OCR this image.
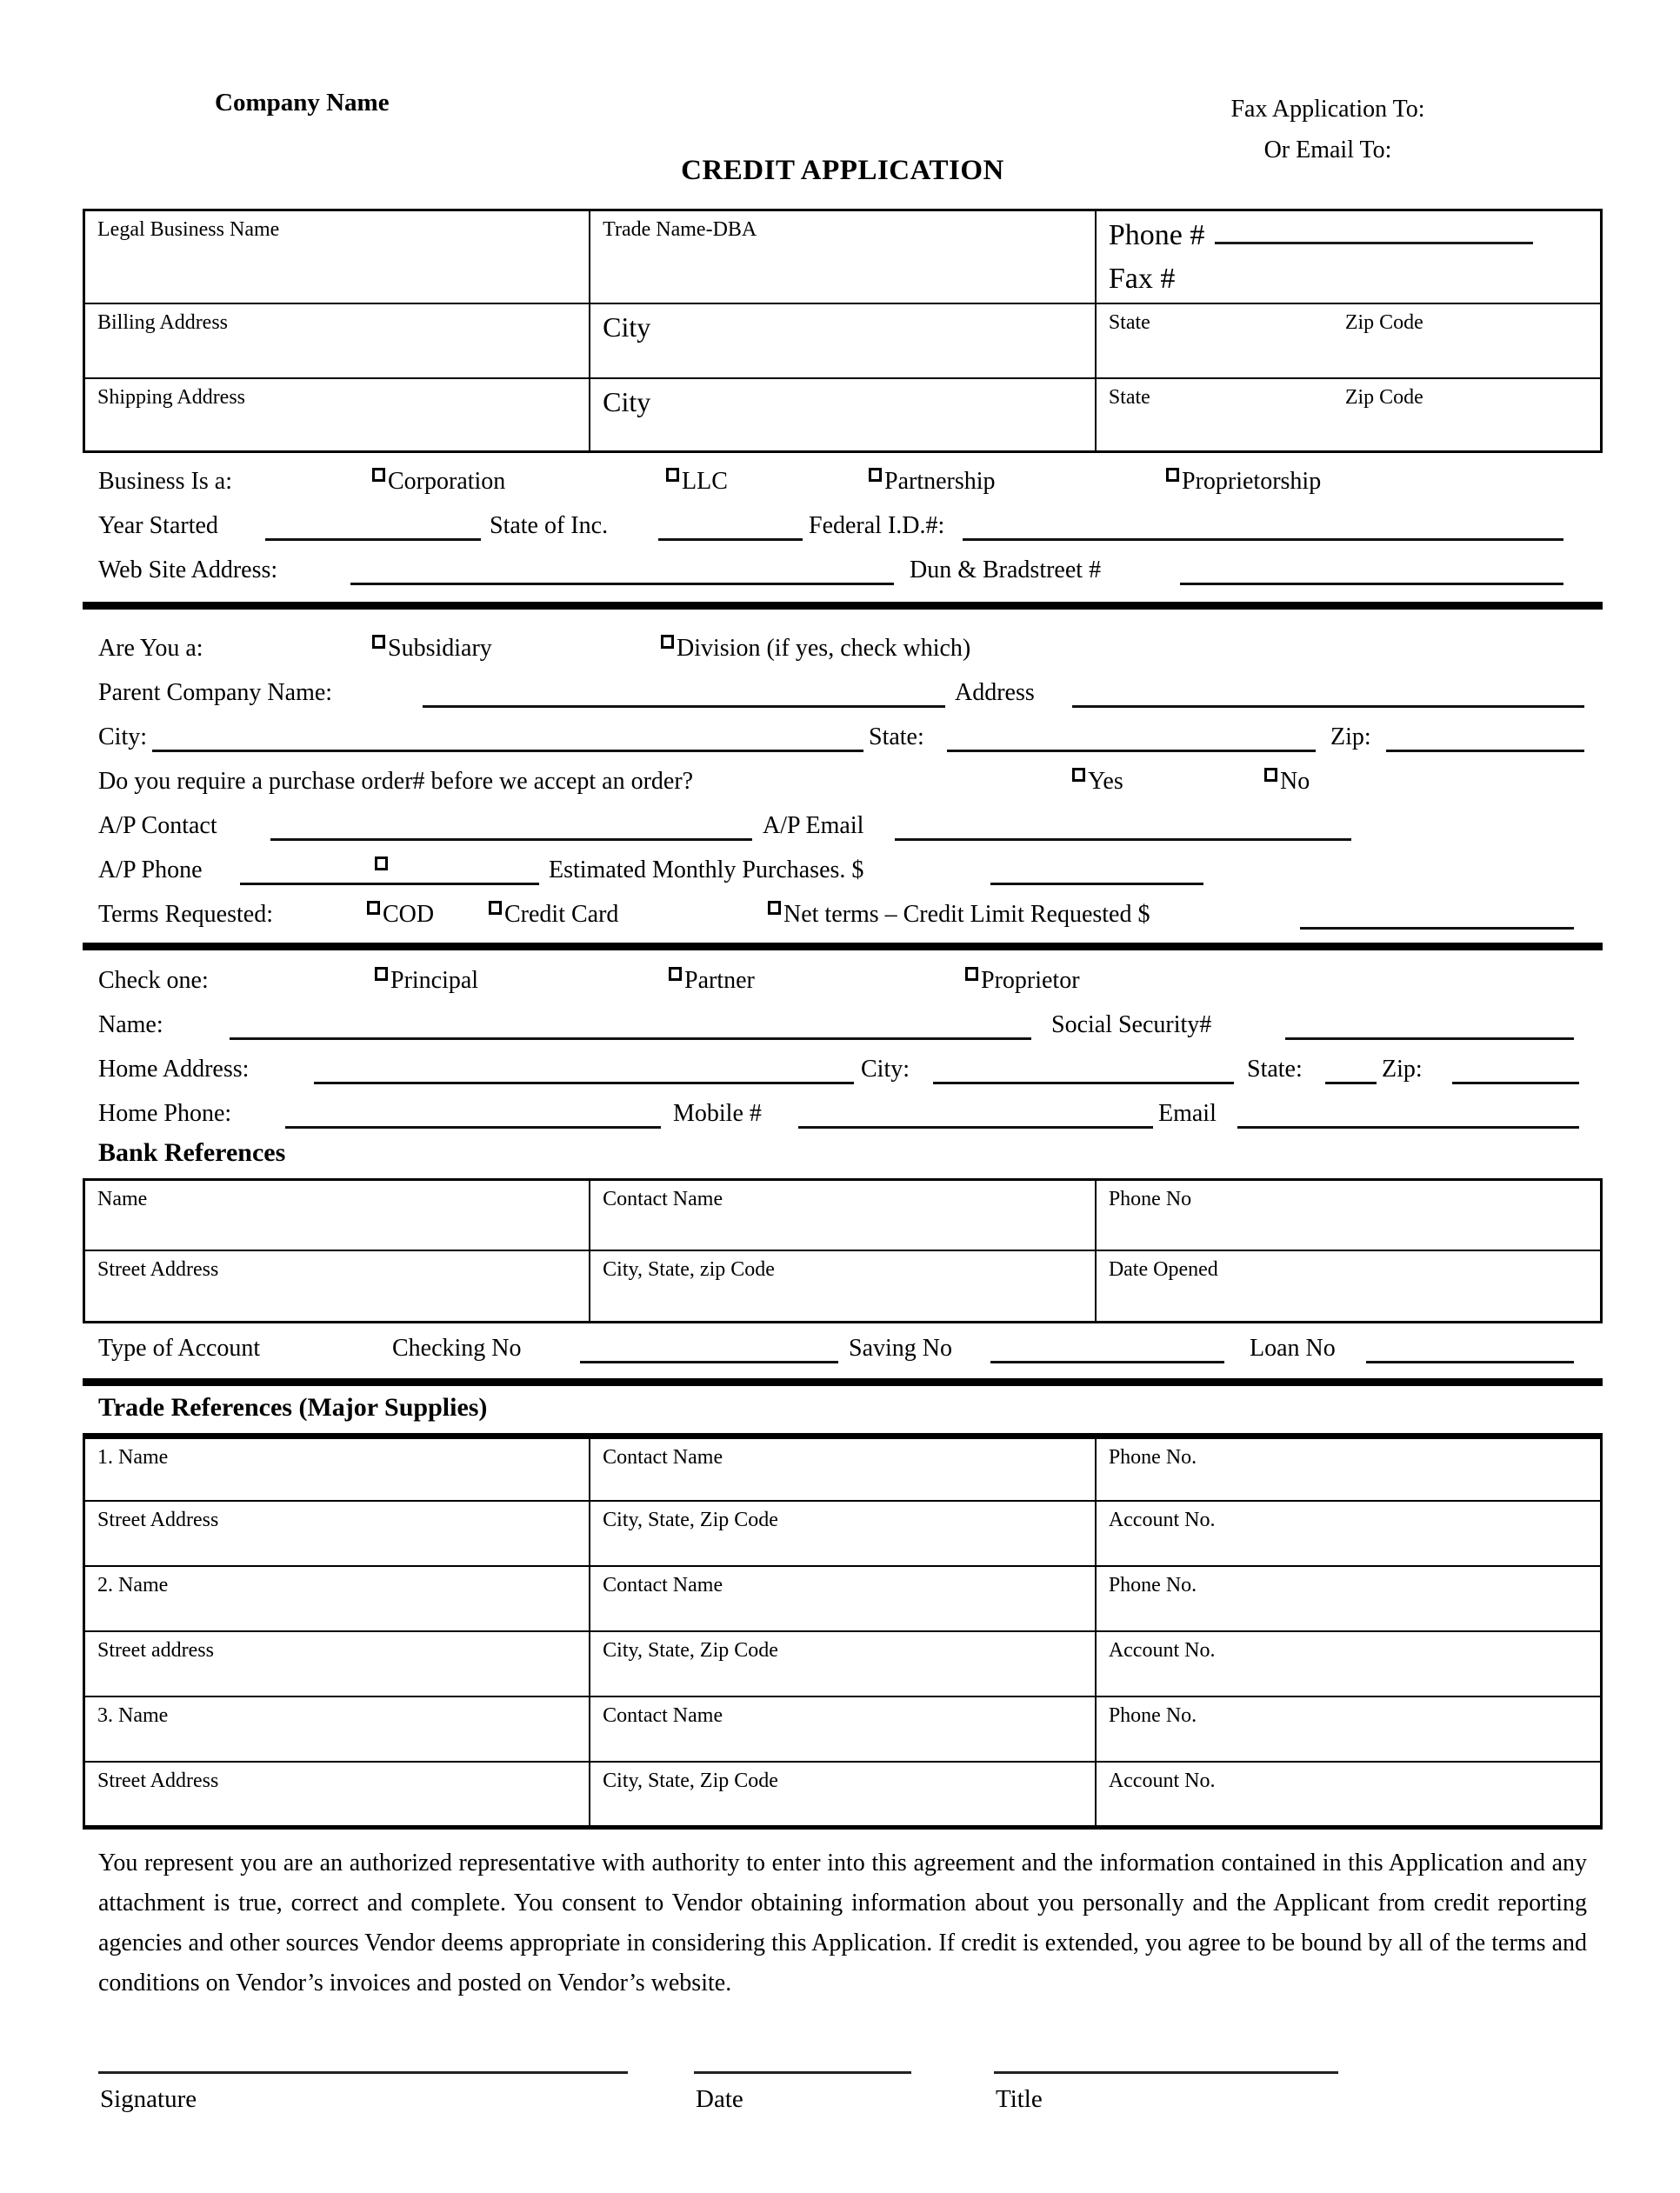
Company Name	Fax Application To:
Or Email To:
CREDIT APPLICATION
Legal Business Name	Trade Name-DBA	Phone #
Fax #

Billing Address	City	State Zip Code
Shipping Address	City	State Zip Code
Business Is a:	Corporation	LLC	Partnership	Proprietorship
Year Started	State of Inc.	Federal I.D.#:
Web Site Address:	Dun & Bradstreet #
Are You a:	Subsidiary	Division (if yes, check which)
Parent Company Name:	Address
City:	State:	Zip:
Do you require a purchase order# before we accept an order?	Yes	No
A/P Contact	A/P Email
A/P Phone	Estimated Monthly Purchases. $
Terms Requested:	COD	Credit Card	Net terms – Credit Limit Requested $
Check one:	Principal	Partner	Proprietor
Name:	Social Security#
Home Address:	City:	State:	Zip:
Home Phone:	Mobile #	Email
Bank References
Name	Contact Name	Phone No
Street Address	City, State, zip Code	Date Opened
Type of Account	Checking No	Saving No	Loan No
Trade References (Major Supplies)
1. Name	Contact Name	Phone No.
Street Address	City, State, Zip Code	Account No.
2. Name	Contact Name	Phone No.
Street address	City, State, Zip Code	Account No.
3. Name	Contact Name	Phone No.
Street Address	City, State, Zip Code	Account No.
You represent you are an authorized representative with authority to enter into this agreement and the information contained in this Application and any attachment is true, correct and complete. You consent to Vendor obtaining information about you personally and the Applicant from credit reporting agencies and other sources Vendor deems appropriate in considering this Application. If credit is extended, you agree to be bound by all of the terms and conditions on Vendor’s invoices and posted on Vendor’s website.
Signature	Date	Title
